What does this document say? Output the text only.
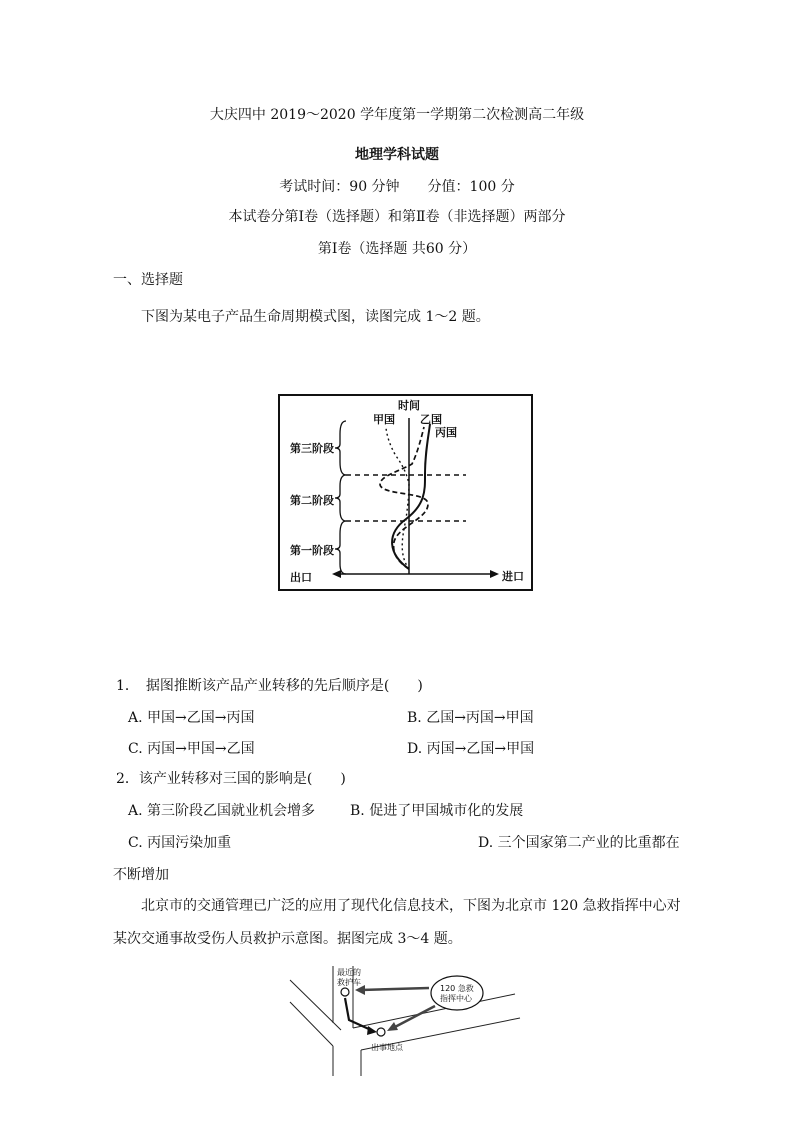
大庆四中 2019～2020 学年度第一学期第二次检测高二年级
地理学科试题
考试时间：90 分钟　　分值：100 分
本试卷分第Ⅰ卷（选择题）和第Ⅱ卷（非选择题）两部分
第Ⅰ卷（选择题 共60 分）
一、选择题
下图为某电子产品生命周期模式图，读图完成 1～2 题。
时间
甲国 乙国
丙国
第三阶段
第二阶段
第一阶段
出口	进口
1．　据图推断该产品产业转移的先后顺序是(　　)
A. 甲国→乙国→丙国	B. 乙国→丙国→甲国
C. 丙国→甲国→乙国	D. 丙国→乙国→甲国
2．该产业转移对三国的影响是(　　)
A. 第三阶段乙国就业机会增多 B. 促进了甲国城市化的发展
C. 丙国污染加重	D. 三个国家第二产业的比重都在
不断增加
北京市的交通管理已广泛的应用了现代化信息技术，下图为北京市 120 急救指挥中心对
某次交通事故受伤人员救护示意图。据图完成 3～4 题。
最近的
救护车
120 急救
指挥中心
出事地点
